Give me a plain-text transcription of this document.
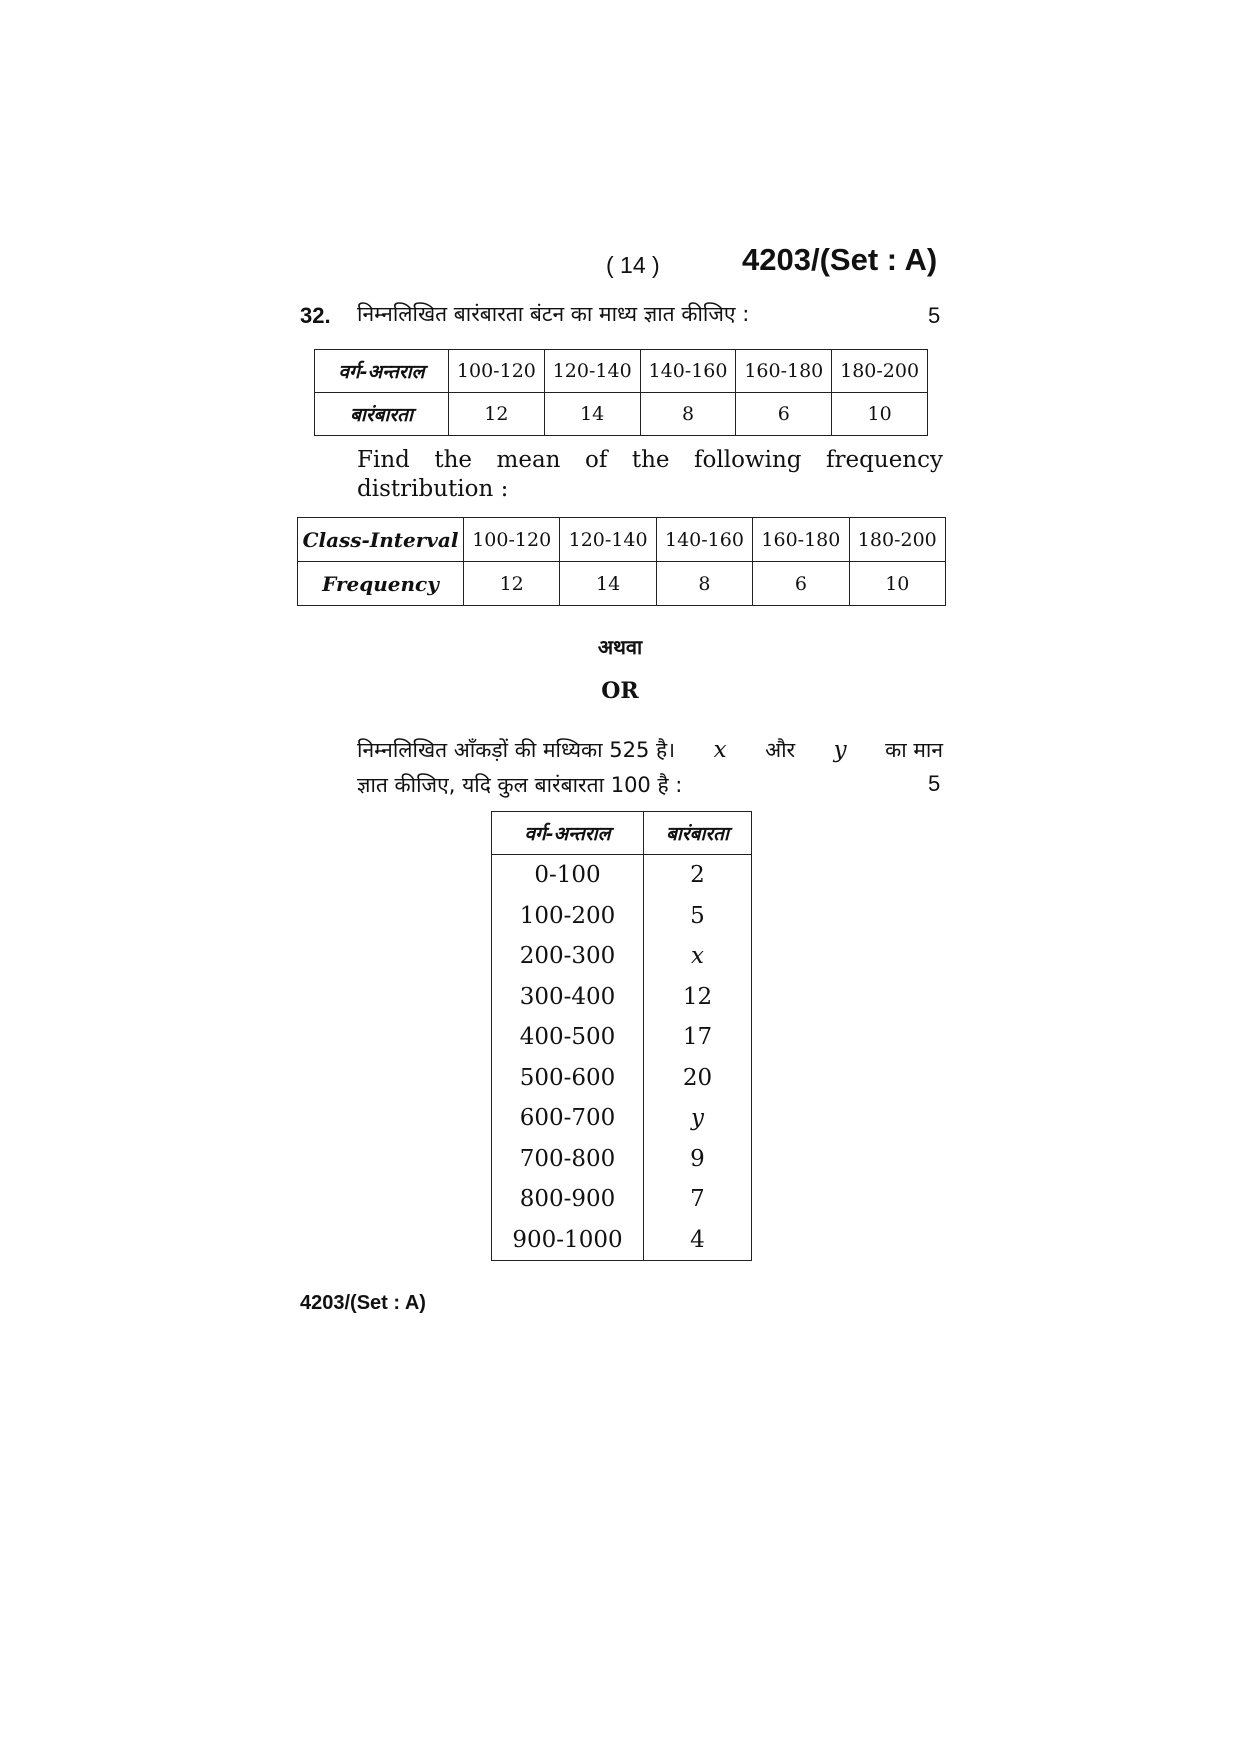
( 14 )	4203/(Set : A)
32. निम्नलिखित बारंबारता बंटन का माध्य ज्ञात कीजिए :	5
वर्ग-अन्तराल	100-120	120-140	140-160	160-180	180-200
बारंबारता	12	14	8	6	10
Find the mean of the following frequency distribution :
Class-Interval	100-120	120-140	140-160	160-180	180-200
Frequency	12	14	8	6	10
अथवा
OR
निम्नलिखित आँकड़ों की मध्यिका 525 है। x और y का मान
ज्ञात कीजिए, यदि कुल बारंबारता 100 है :	5
वर्ग-अन्तराल	बारंबारता
0-100	2
100-200	5
200-300	x
300-400	12
400-500	17
500-600	20
600-700	y
700-800	9
800-900	7
900-1000	4
4203/(Set : A)
